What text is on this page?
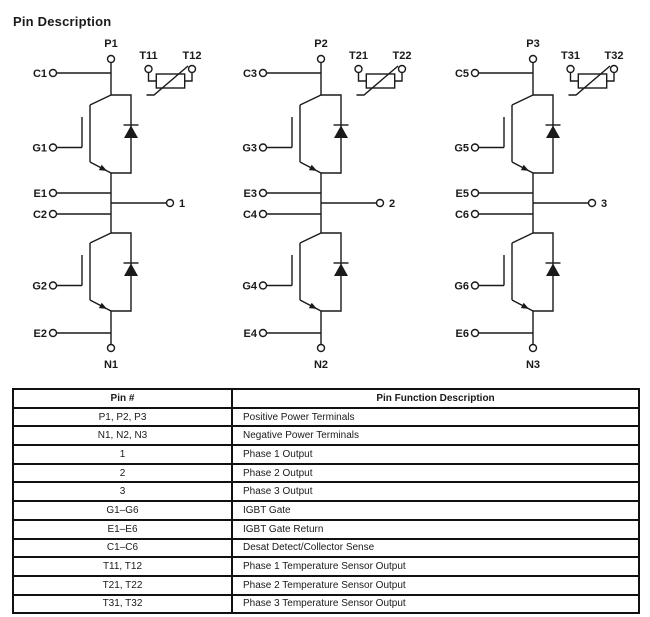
Pin Description
P1
T11 T12
C1
G1
E1
1
C2
G2
E2
N1
P2
T21 T22
C3
G3
E3
2
C4
G4
E4
N2
P3
T31 T32
C5
G5
E5
3
C6
G6
E6
N3
Pin #	Pin Function Description
P1, P2, P3	Positive Power Terminals
N1, N2, N3	Negative Power Terminals
1	Phase 1 Output
2	Phase 2 Output
3	Phase 3 Output
G1–G6	IGBT Gate
E1–E6	IGBT Gate Return
C1–C6	Desat Detect/Collector Sense
T11, T12	Phase 1 Temperature Sensor Output
T21, T22	Phase 2 Temperature Sensor Output
T31, T32	Phase 3 Temperature Sensor Output
